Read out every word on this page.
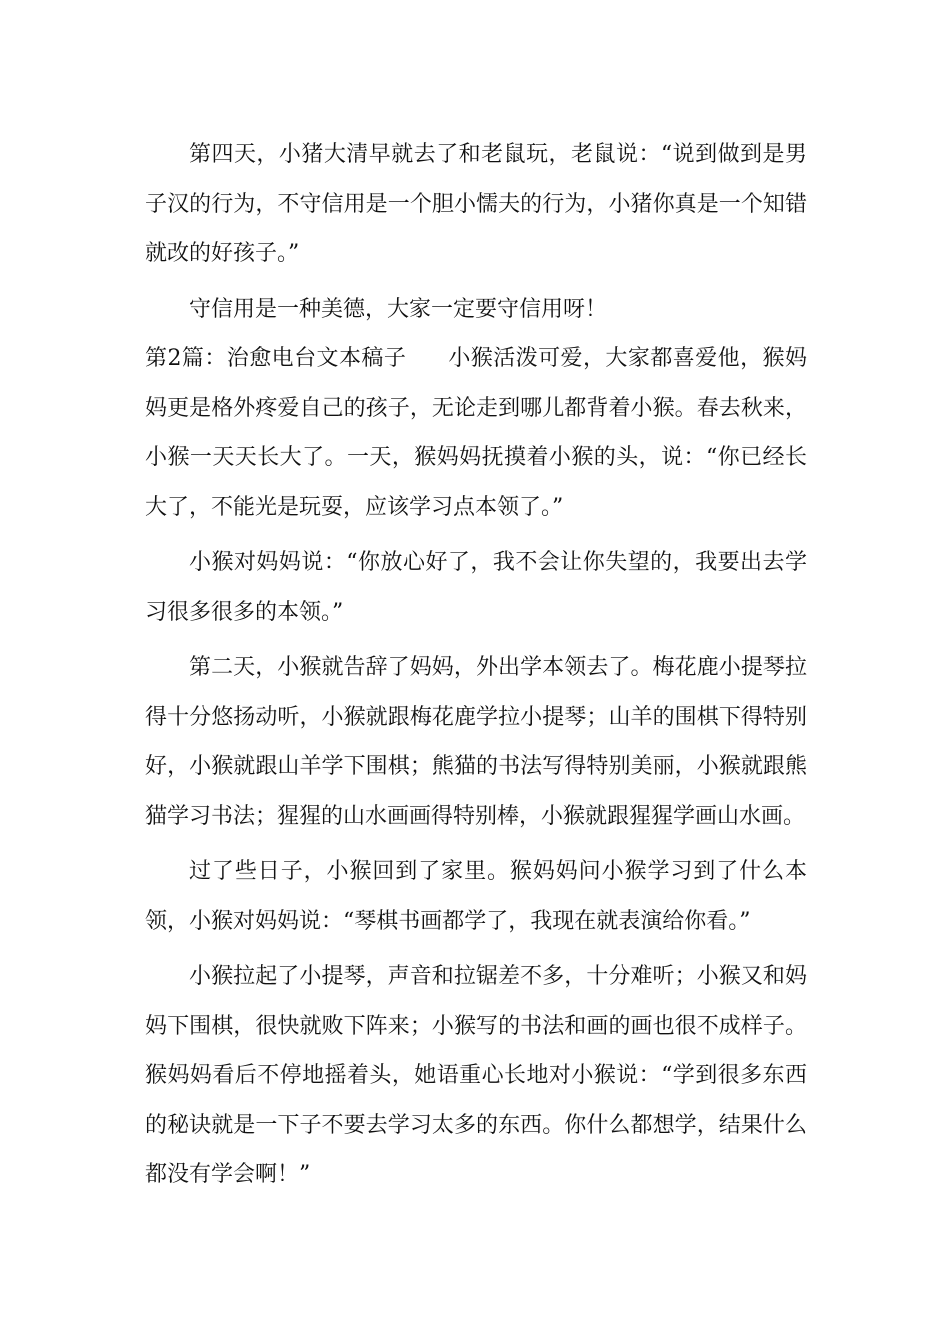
第四天，小猪大清早就去了和老鼠玩，老鼠说：“说到做到是男子汉的行为，不守信用是一个胆小懦夫的行为，小猪你真是一个知错就改的好孩子。”

守信用是一种美德，大家一定要守信用呀！

第2篇：治愈电台文本稿子 小猴活泼可爱，大家都喜爱他，猴妈妈更是格外疼爱自己的孩子，无论走到哪儿都背着小猴。春去秋来，小猴一天天长大了。一天，猴妈妈抚摸着小猴的头，说：“你已经长大了，不能光是玩耍，应该学习点本领了。”

小猴对妈妈说：“你放心好了，我不会让你失望的，我要出去学习很多很多的本领。”

第二天，小猴就告辞了妈妈，外出学本领去了。梅花鹿小提琴拉得十分悠扬动听，小猴就跟梅花鹿学拉小提琴；山羊的围棋下得特别好，小猴就跟山羊学下围棋；熊猫的书法写得特别美丽，小猴就跟熊猫学习书法；猩猩的山水画画得特别棒，小猴就跟猩猩学画山水画。

过了些日子，小猴回到了家里。猴妈妈问小猴学习到了什么本领，小猴对妈妈说：“琴棋书画都学了，我现在就表演给你看。”

小猴拉起了小提琴，声音和拉锯差不多，十分难听；小猴又和妈妈下围棋，很快就败下阵来；小猴写的书法和画的画也很不成样子。猴妈妈看后不停地摇着头，她语重心长地对小猴说：“学到很多东西的秘诀就是一下子不要去学习太多的东西。你什么都想学，结果什么都没有学会啊！”
